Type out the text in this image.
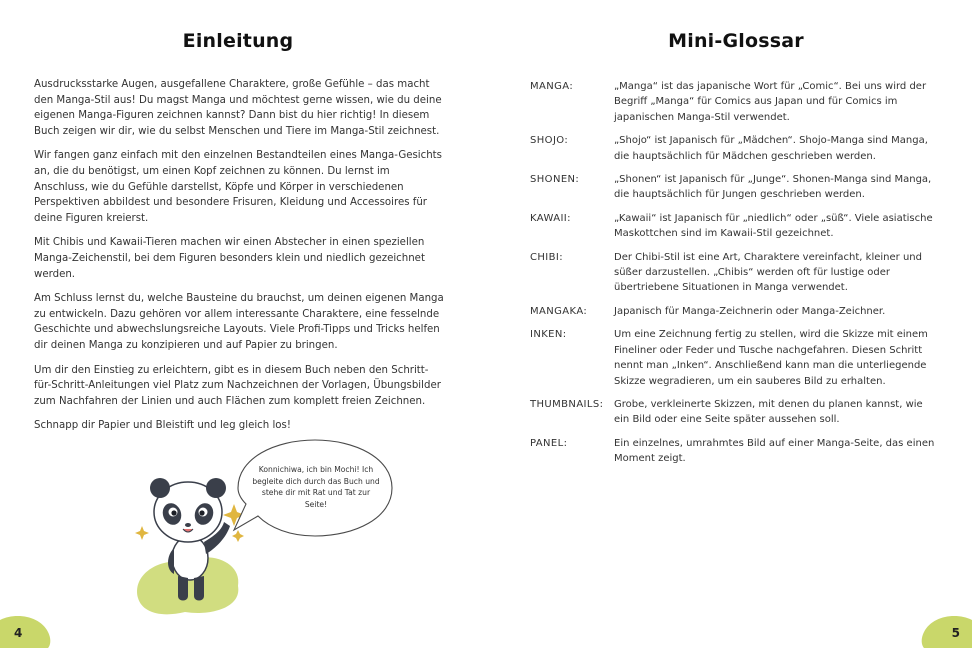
Einleitung

Ausdrucksstarke Augen, ausgefallene Charaktere, große Gefühle – das macht den Manga-Stil aus! Du magst Manga und möchtest gerne wissen, wie du deine eigenen Manga-Figuren zeichnen kannst? Dann bist du hier richtig! In diesem Buch zeigen wir dir, wie du selbst Menschen und Tiere im Manga-Stil zeichnest.

Wir fangen ganz einfach mit den einzelnen Bestandteilen eines Manga-Gesichts an, die du benötigst, um einen Kopf zeichnen zu können. Du lernst im Anschluss, wie du Gefühle darstellst, Köpfe und Körper in verschiedenen Perspektiven abbildest und besondere Frisuren, Kleidung und Accessoires für deine Figuren kreierst.

Mit Chibis und Kawaii-Tieren machen wir einen Abstecher in einen speziellen Manga-Zeichenstil, bei dem Figuren besonders klein und niedlich gezeichnet werden.

Am Schluss lernst du, welche Bausteine du brauchst, um deinen eigenen Manga zu entwickeln. Dazu gehören vor allem interessante Charaktere, eine fesselnde Geschichte und abwechslungsreiche Layouts. Viele Profi-Tipps und Tricks helfen dir deinen Manga zu konzipieren und auf Papier zu bringen.

Um dir den Einstieg zu erleichtern, gibt es in diesem Buch neben den Schritt-für-Schritt-Anleitungen viel Platz zum Nachzeichnen der Vorlagen, Übungsbilder zum Nachfahren der Linien und auch Flächen zum komplett freien Zeichnen.

Schnapp dir Papier und Bleistift und leg gleich los!

Konnichiwa, ich bin Mochi! Ich begleite dich durch das Buch und stehe dir mit Rat und Tat zur Seite!
4
Mini-Glossar
MANGA:	„Manga“ ist das japanische Wort für „Comic“. Bei uns wird der Begriff „Manga“ für Comics aus Japan und für Comics im japanischen Manga-Stil verwendet.
SHOJO:	„Shojo“ ist Japanisch für „Mädchen“. Shojo-Manga sind Manga, die hauptsächlich für Mädchen geschrieben werden.
SHONEN:	„Shonen“ ist Japanisch für „Junge“. Shonen-Manga sind Manga, die hauptsächlich für Jungen geschrieben werden.
KAWAII:	„Kawaii“ ist Japanisch für „niedlich“ oder „süß“. Viele asiatische Maskottchen sind im Kawaii-Stil gezeichnet.
CHIBI:	Der Chibi-Stil ist eine Art, Charaktere vereinfacht, kleiner und süßer darzustellen. „Chibis“ werden oft für lustige oder übertriebene Situationen in Manga verwendet.
MANGAKA:	Japanisch für Manga-Zeichnerin oder Manga-Zeichner.
INKEN:	Um eine Zeichnung fertig zu stellen, wird die Skizze mit einem Fineliner oder Feder und Tusche nachgefahren. Diesen Schritt nennt man „Inken“. Anschließend kann man die unterliegende Skizze wegradieren, um ein sauberes Bild zu erhalten.
THUMBNAILS:	Grobe, verkleinerte Skizzen, mit denen du planen kannst, wie ein Bild oder eine Seite später aussehen soll.
PANEL:	Ein einzelnes, umrahmtes Bild auf einer Manga-Seite, das einen Moment zeigt.
5
